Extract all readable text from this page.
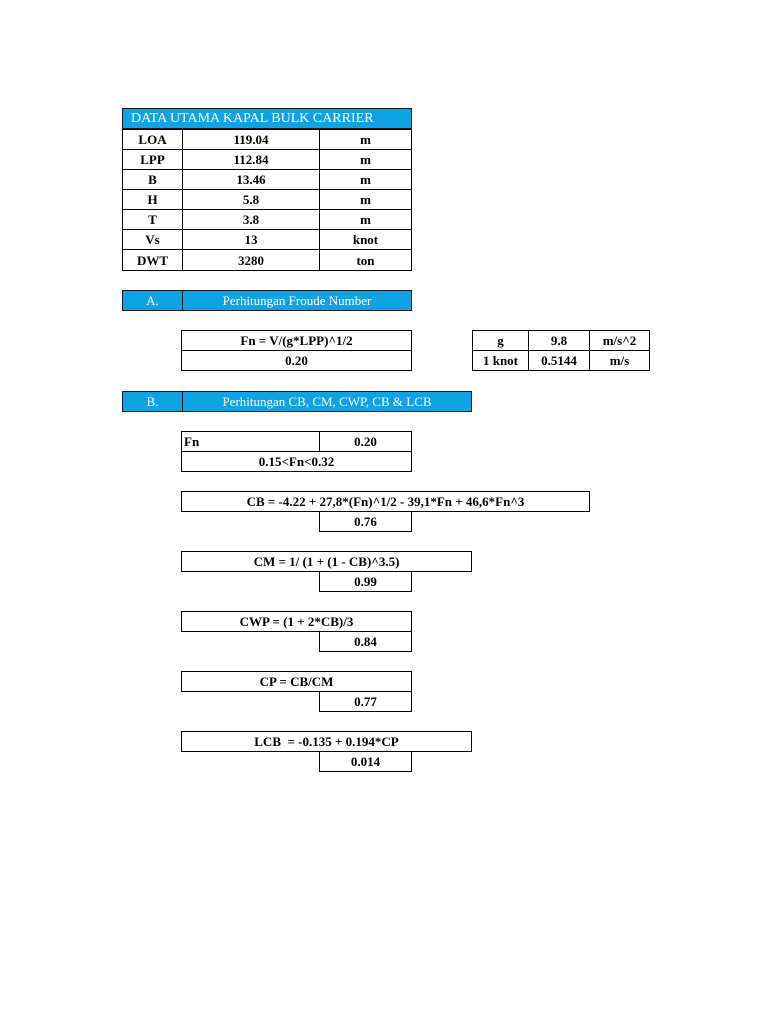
DATA UTAMA KAPAL BULK CARRIER
LOA	119.04	m
LPP	112.84	m
B	13.46	m
H	5.8	m
T	3.8	m
Vs	13	knot
DWT	3280	ton
A.	Perhitungan Froude Number
Fn = V/(g*LPP)^1/2
0.20
g	9.8	m/s^2
1 knot	0.5144	m/s
B.	Perhitungan CB, CM, CWP, CB & LCB
Fn	0.20
0.15<Fn<0.32
CB = -4.22 + 27,8*(Fn)^1/2 - 39,1*Fn + 46,6*Fn^3
0.76
CM = 1/ (1 + (1 - CB)^3.5)
0.99
CWP = (1 + 2*CB)/3
0.84
CP = CB/CM
0.77
LCB  = -0.135 + 0.194*CP
0.014
